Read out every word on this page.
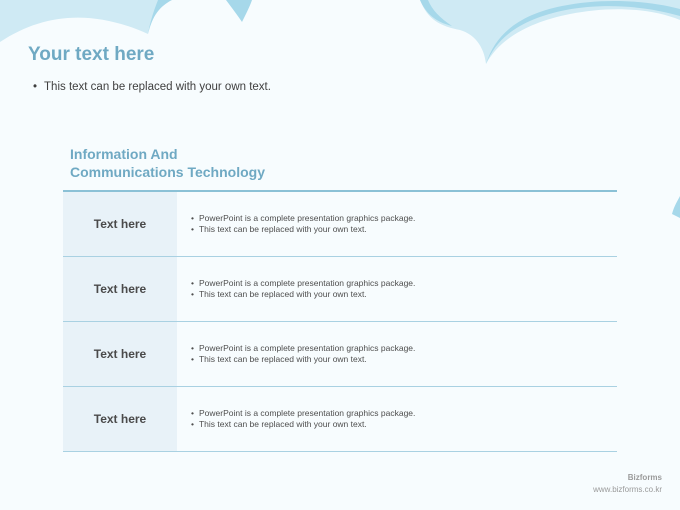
Your text here

• This text can be replaced with your own text.

Information And
Communications Technology
Text here	• PowerPoint is a complete presentation graphics package.
• This text can be replaced with your own text.
Text here	• PowerPoint is a complete presentation graphics package.
• This text can be replaced with your own text.
Text here	• PowerPoint is a complete presentation graphics package.
• This text can be replaced with your own text.
Text here	• PowerPoint is a complete presentation graphics package.
• This text can be replaced with your own text.
Bizforms
www.bizforms.co.kr
